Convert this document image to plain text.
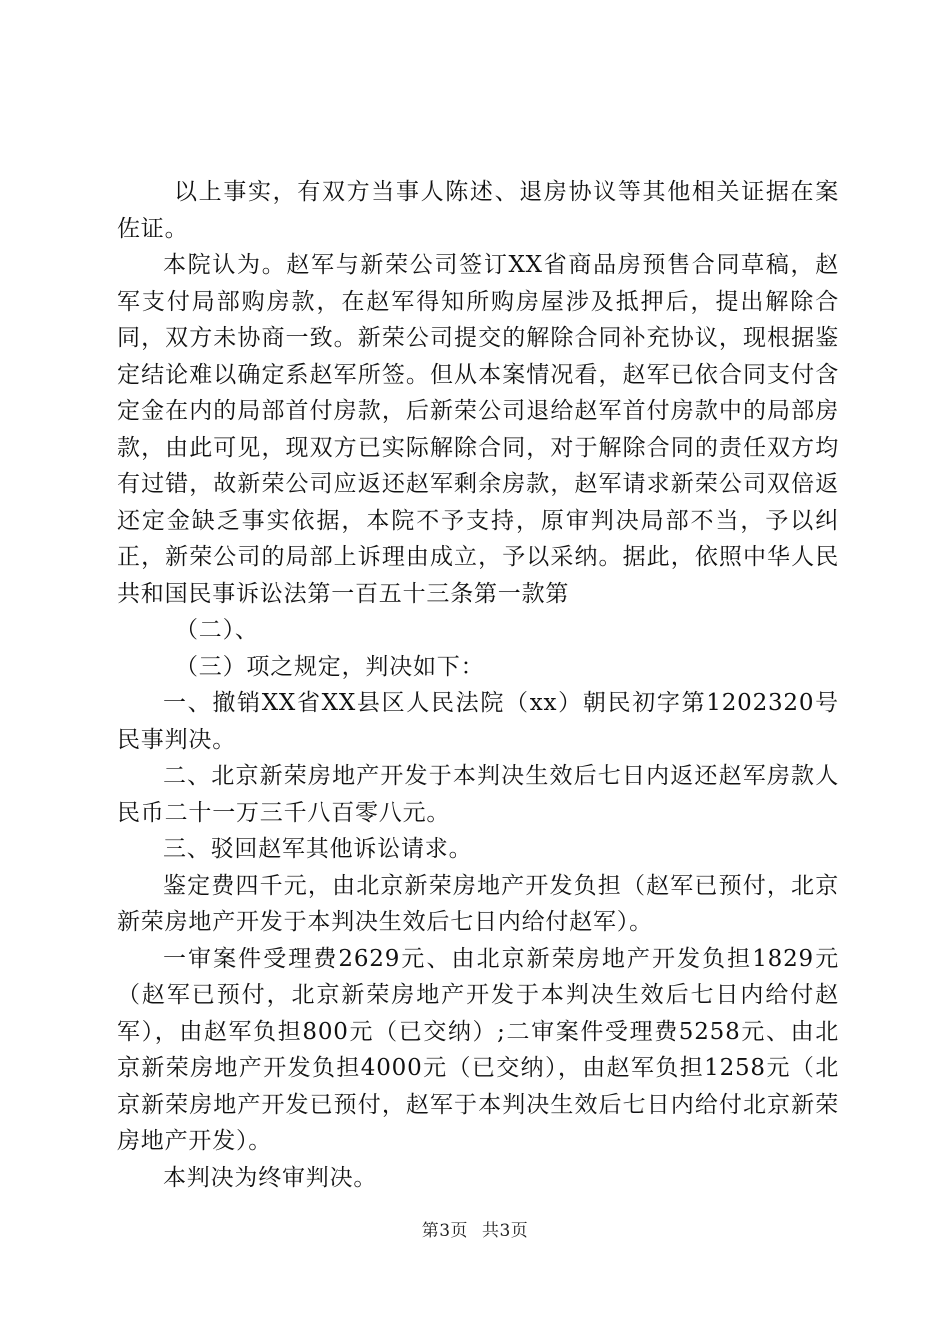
以上事实，有双方当事人陈述、退房协议等其他相关证据在案佐证。

本院认为。赵军与新荣公司签订XX省商品房预售合同草稿，赵军支付局部购房款，在赵军得知所购房屋涉及抵押后，提出解除合同，双方未协商一致。新荣公司提交的解除合同补充协议，现根据鉴定结论难以确定系赵军所签。但从本案情况看，赵军已依合同支付含定金在内的局部首付房款，后新荣公司退给赵军首付房款中的局部房款，由此可见，现双方已实际解除合同，对于解除合同的责任双方均有过错，故新荣公司应返还赵军剩余房款，赵军请求新荣公司双倍返还定金缺乏事实依据，本院不予支持，原审判决局部不当，予以纠正，新荣公司的局部上诉理由成立，予以采纳。据此，依照中华人民共和国民事诉讼法第一百五十三条第一款第

（二）、

（三）项之规定，判决如下：

一、撤销XX省XX县区人民法院（xx）朝民初字第1202320号民事判决。

二、北京新荣房地产开发于本判决生效后七日内返还赵军房款人民币二十一万三千八百零八元。

三、驳回赵军其他诉讼请求。

鉴定费四千元，由北京新荣房地产开发负担（赵军已预付，北京新荣房地产开发于本判决生效后七日内给付赵军）。

一审案件受理费2629元、由北京新荣房地产开发负担1829元（赵军已预付，北京新荣房地产开发于本判决生效后七日内给付赵军），由赵军负担800元（已交纳）;二审案件受理费5258元、由北京新荣房地产开发负担4000元（已交纳），由赵军负担1258元（北京新荣房地产开发已预付，赵军于本判决生效后七日内给付北京新荣房地产开发）。

本判决为终审判决。

第3页 共3页
